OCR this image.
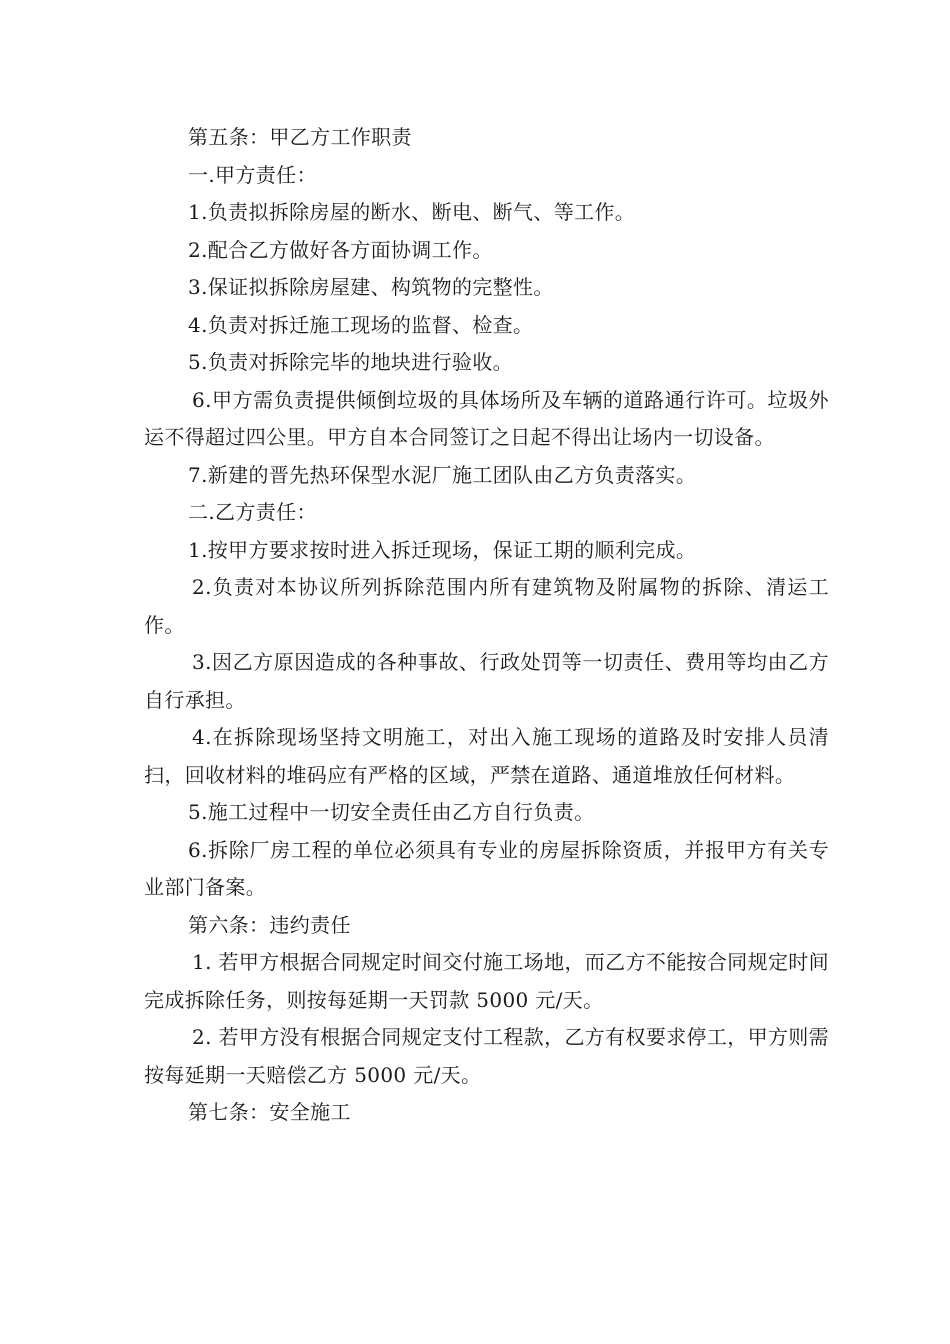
第五条：甲乙方工作职责

一.甲方责任：

1.负责拟拆除房屋的断水、断电、断气、等工作。

2.配合乙方做好各方面协调工作。

3.保证拟拆除房屋建、构筑物的完整性。

4.负责对拆迁施工现场的监督、检查。

5.负责对拆除完毕的地块进行验收。

6.甲方需负责提供倾倒垃圾的具体场所及车辆的道路通行许可。垃圾外运不得超过四公里。甲方自本合同签订之日起不得出让场内一切设备。

7.新建的晋先热环保型水泥厂施工团队由乙方负责落实。

二.乙方责任：

1.按甲方要求按时进入拆迁现场，保证工期的顺利完成。

2.负责对本协议所列拆除范围内所有建筑物及附属物的拆除、清运工作。

3.因乙方原因造成的各种事故、行政处罚等一切责任、费用等均由乙方自行承担。

4.在拆除现场坚持文明施工，对出入施工现场的道路及时安排人员清扫，回收材料的堆码应有严格的区域，严禁在道路、通道堆放任何材料。

5.施工过程中一切安全责任由乙方自行负责。

6.拆除厂房工程的单位必须具有专业的房屋拆除资质，并报甲方有关专业部门备案。

第六条：违约责任

1. 若甲方根据合同规定时间交付施工场地，而乙方不能按合同规定时间完成拆除任务，则按每延期一天罚款 5000 元/天。

2. 若甲方没有根据合同规定支付工程款，乙方有权要求停工，甲方则需按每延期一天赔偿乙方 5000 元/天。

第七条：安全施工
